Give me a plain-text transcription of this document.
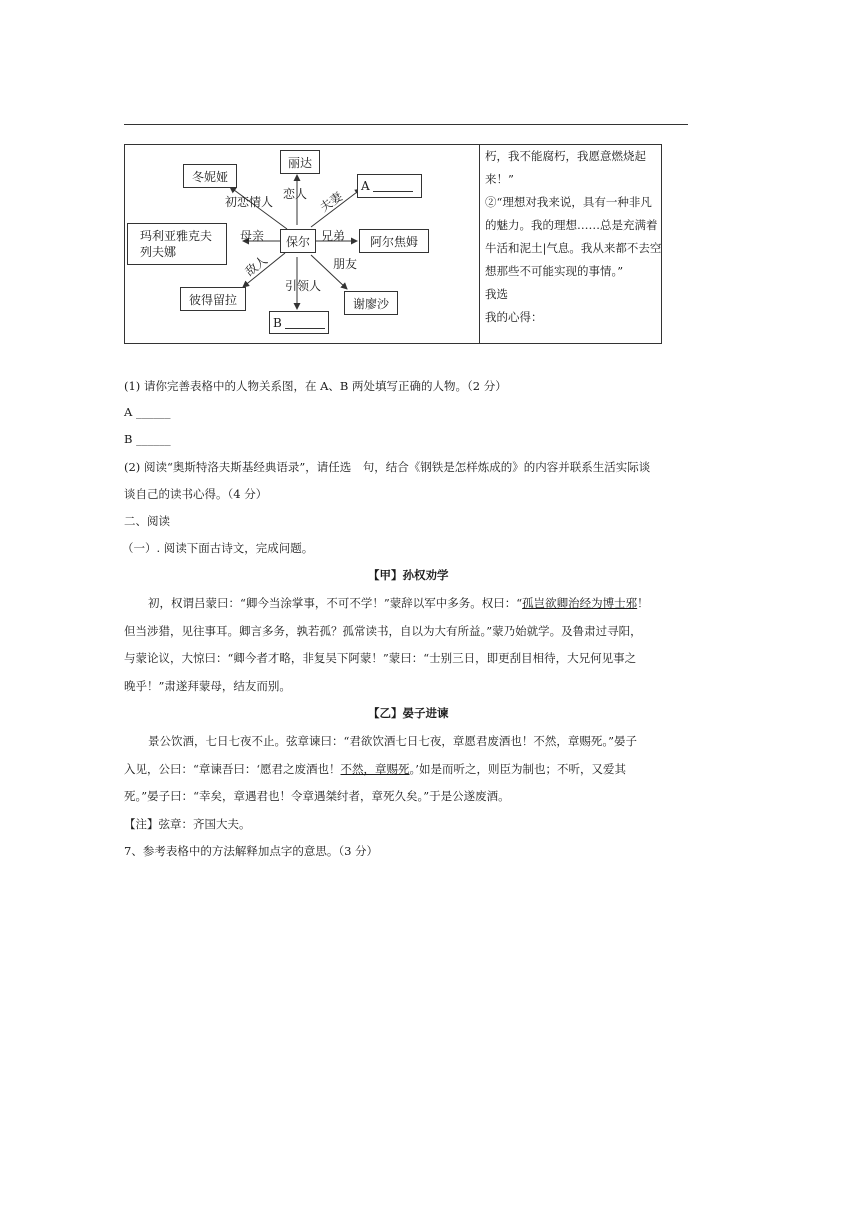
丽达
冬妮娅
A
玛利亚雅克夫
列夫娜
保尔	阿尔焦姆
彼得留拉	谢廖沙
B
恋人
初恋情人	夫妻
母亲	兄弟
敌人
引领人
朋友
朽，我不能腐朽，我愿意燃烧起
来！”
②“理想对我来说，具有一种非凡
的魅力。我的理想……总是充满着
牛活和泥土|气息。我从来都不去空
想那些不可能实现的事情。”
我选
我的心得：
(1) 请你完善表格中的人物关系图，在 A、B 两处填写正确的人物。（2 分）
A ______
B ______
(2) 阅读“奥斯特洛夫斯基经典语录”，请任选　句，结合《钢铁是怎样炼成的》的内容并联系生活实际谈
谈自己的读书心得。（4 分）
二、阅读
（一）. 阅读下面古诗文，完成问题。
【甲】孙权劝学

初，权谓吕蒙曰：“卿今当涂掌事，不可不学！”蒙辞以军中多务。权曰：“孤岂欲卿治经为博士邪！

但当涉猎，见往事耳。卿言多务，孰若孤？孤常读书，自以为大有所益。”蒙乃始就学。及鲁肃过寻阳，

与蒙论议，大惊曰：“卿今者才略，非复吴下阿蒙！”蒙曰：“士别三日，即更刮目相待，大兄何见事之

晚乎！”肃遂拜蒙母，结友而别。

【乙】晏子进谏

景公饮酒，七日七夜不止。弦章谏曰：“君欲饮酒七日七夜，章愿君废酒也！不然，章赐死。”晏子

入见，公曰：“章谏吾曰：‘愿君之废酒也！不然，章赐死。’如是而听之，则臣为制也；不听，又爱其

死。”晏子曰：“幸矣，章遇君也！令章遇桀纣者，章死久矣。”于是公遂废酒。

【注】弦章：齐国大夫。

7、参考表格中的方法解释加点字的意思。（3 分）
